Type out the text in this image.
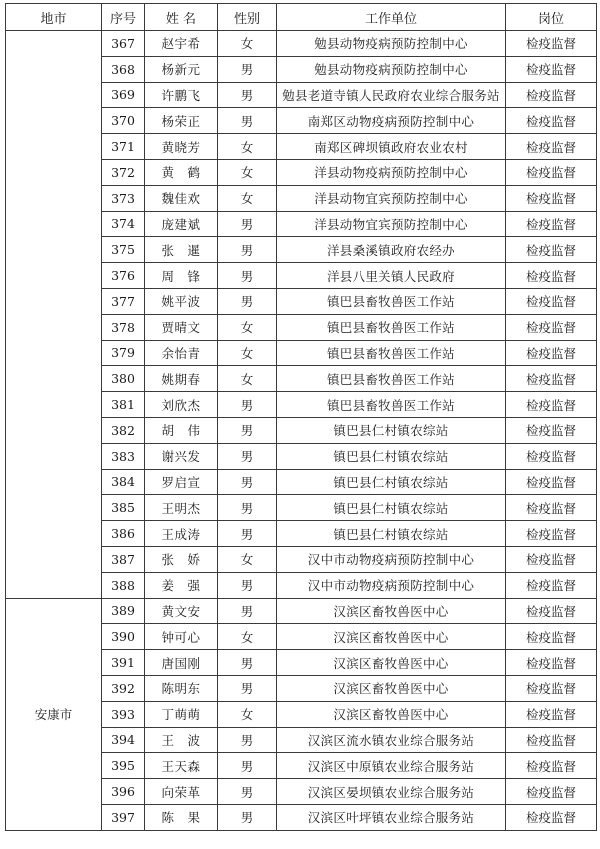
地市	序号	姓 名	性别	工作单位	岗位
	367	赵宇希	女	勉县动物疫病预防控制中心	检疫监督
	368	杨新元	男	勉县动物疫病预防控制中心	检疫监督
	369	许鹏飞	男	勉县老道寺镇人民政府农业综合服务站	检疫监督
	370	杨荣正	男	南郑区动物疫病预防控制中心	检疫监督
	371	黄晓芳	女	南郑区碑坝镇政府农业农村	检疫监督
	372	黄　鹤	女	洋县动物疫病预防控制中心	检疫监督
	373	魏佳欢	女	洋县动物宜宾预防控制中心	检疫监督
	374	庞建斌	男	洋县动物宜宾预防控制中心	检疫监督
	375	张　暹	男	洋县桑溪镇政府农经办	检疫监督
	376	周　锋	男	洋县八里关镇人民政府	检疫监督
	377	姚平波	男	镇巴县畜牧兽医工作站	检疫监督
	378	贾晴文	女	镇巴县畜牧兽医工作站	检疫监督
	379	余怡青	女	镇巴县畜牧兽医工作站	检疫监督
	380	姚期春	女	镇巴县畜牧兽医工作站	检疫监督
	381	刘欣杰	男	镇巴县畜牧兽医工作站	检疫监督
	382	胡　伟	男	镇巴县仁村镇农综站	检疫监督
	383	谢兴发	男	镇巴县仁村镇农综站	检疫监督
	384	罗启宣	男	镇巴县仁村镇农综站	检疫监督
	385	王明杰	男	镇巴县仁村镇农综站	检疫监督
	386	王成涛	男	镇巴县仁村镇农综站	检疫监督
	387	张　娇	女	汉中市动物疫病预防控制中心	检疫监督
	388	姜　强	男	汉中市动物疫病预防控制中心	检疫监督
安康市	389	黄文安	男	汉滨区畜牧兽医中心	检疫监督
	390	钟可心	女	汉滨区畜牧兽医中心	检疫监督
	391	唐国刚	男	汉滨区畜牧兽医中心	检疫监督
	392	陈明东	男	汉滨区畜牧兽医中心	检疫监督
	393	丁萌萌	女	汉滨区畜牧兽医中心	检疫监督
	394	王　波	男	汉滨区流水镇农业综合服务站	检疫监督
	395	王天森	男	汉滨区中原镇农业综合服务站	检疫监督
	396	向荣革	男	汉滨区晏坝镇农业综合服务站	检疫监督
	397	陈　果	男	汉滨区叶坪镇农业综合服务站	检疫监督
